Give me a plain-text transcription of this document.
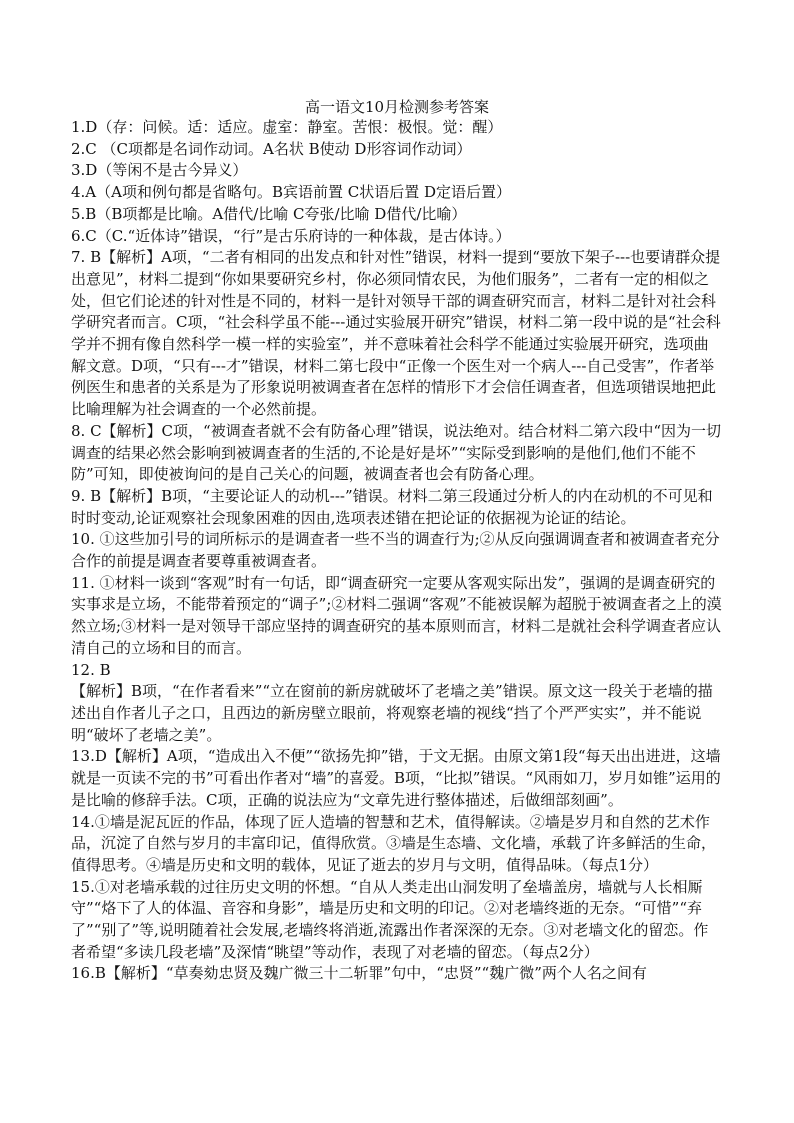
高一语文10月检测参考答案

1.D（存：问候。适：适应。虚室：静室。苦恨：极恨。觉：醒）

2.C （C项都是名词作动词。A名状 B使动 D形容词作动词）

3.D（等闲不是古今异义）

4.A（A项和例句都是省略句。B宾语前置 C状语后置 D定语后置）

5.B（B项都是比喻。A借代/比喻 C夸张/比喻 D借代/比喻）

6.C（C.“近体诗”错误，“行”是古乐府诗的一种体裁，是古体诗。）

7. B【解析】A项，“二者有相同的出发点和针对性”错误，材料一提到“要放下架子---也要请群众提出意见”，材料二提到“你如果要研究乡村，你必须同情农民，为他们服务”，二者有一定的相似之处，但它们论述的针对性是不同的，材料一是针对领导干部的调查研究而言，材料二是针对社会科学研究者而言。C项，“社会科学虽不能---通过实验展开研究”错误，材料二第一段中说的是“社会科学并不拥有像自然科学一模一样的实验室”，并不意味着社会科学不能通过实验展开研究，选项曲解文意。D项，“只有---才”错误，材料二第七段中“正像一个医生对一个病人---自己受害”，作者举例医生和患者的关系是为了形象说明被调查者在怎样的情形下才会信任调查者，但选项错误地把此比喻理解为社会调查的一个必然前提。

8. C【解析】C项，“被调查者就不会有防备心理”错误，说法绝对。结合材料二第六段中“因为一切调查的结果必然会影响到被调查者的生活的,不论是好是坏”“实际受到影响的是他们,他们不能不防”可知，即使被询问的是自己关心的问题，被调查者也会有防备心理。

9. B【解析】B项，“主要论证人的动机---”错误。材料二第三段通过分析人的内在动机的不可见和时时变动,论证观察社会现象困难的因由,选项表述错在把论证的依据视为论证的结论。

10. ①这些加引号的词所标示的是调查者一些不当的调查行为;②从反向强调调查者和被调查者充分合作的前提是调查者要尊重被调查者。

11. ①材料一谈到“客观”时有一句话，即“调查研究一定要从客观实际出发”，强调的是调查研究的实事求是立场，不能带着预定的“调子”;②材料二强调“客观”不能被误解为超脱于被调查者之上的漠然立场;③材料一是对领导干部应坚持的调查研究的基本原则而言，材料二是就社会科学调查者应认清自己的立场和目的而言。

12. B

【解析】B项，“在作者看来”“立在窗前的新房就破坏了老墙之美”错误。原文这一段关于老墙的描述出自作者儿子之口，且西边的新房壁立眼前，将观察老墙的视线“挡了个严严实实”，并不能说明“破坏了老墙之美”。

13.D【解析】A项，“造成出入不便”“欲扬先抑”错，于文无据。由原文第1段“每天出出进进，这墙就是一页读不完的书”可看出作者对“墙”的喜爱。B项，“比拟”错误。“风雨如刀，岁月如锥”运用的是比喻的修辞手法。C项，正确的说法应为“文章先进行整体描述，后做细部刻画”。

14.①墙是泥瓦匠的作品，体现了匠人造墙的智慧和艺术，值得解读。②墙是岁月和自然的艺术作品，沉淀了自然与岁月的丰富印记，值得欣赏。③墙是生态墙、文化墙，承载了许多鲜活的生命，值得思考。④墙是历史和文明的载体，见证了逝去的岁月与文明，值得品味。（每点1分）

15.①对老墙承载的过往历史文明的怀想。“自从人类走出山洞发明了垒墙盖房，墙就与人长相厮守”“烙下了人的体温、音容和身影”，墙是历史和文明的印记。②对老墙终逝的无奈。“可惜”“弃了”“别了”等,说明随着社会发展,老墙终将消逝,流露出作者深深的无奈。③对老墙文化的留恋。作者希望“多读几段老墙”及深情“眺望”等动作，表现了对老墙的留恋。（每点2分）

16.B【解析】“草奏劾忠贤及魏广微三十二斩罪”句中，“忠贤”“魏广微”两个人名之间有
